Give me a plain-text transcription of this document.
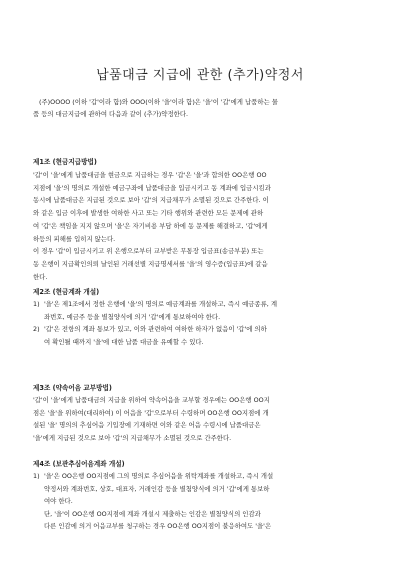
납품대금 지급에 관한 (추가)약정서

(주)OOOO (이하 '갑'이라 함)와 OOO(이하 '을'이라 함)은 '을'이 '갑'에게 납품하는 물

품 등의 대금지급에 관하여 다음과 같이 (추가)약정한다.

제1조 (현금지급방법)

'갑'이 '을'에게 납품대금을 현금으로 지급하는 경우 '갑'은 '을'과 합의한 OO은행 OO

지점에 '을'의 명의로 개설한 예금구좌에 납품대금을 입금시키고 동 계좌에 입금시킴과

동시에 납품대금은 지급된 것으로 보아 '갑'의 지급채무가 소멸된 것으로 간주한다. 이

와 같은 입금 이후에 발생한 여하한 사고 또는 기타 행위와 관련한 모든 문제에 관하

여 '갑'은 책임을 지지 않으며 '을'은 자기비용 부담 하에 동 문제를 해결하고, '갑'에게

하등의 피해를 입히지 않는다.

이 경우 '갑'이 입금시키고 위 은행으로부터 교부받은 무통장 입금표(송금부분) 또는

동 은행이 지급확인의뢰 날인된 거래선별 지급명세서를 '을'의 영수증(입금표)에 갈음

한다.

제2조 (현금계좌 개설)
1) '을'은 제1조에서 정한 은행에 '을'의 명의로 예금계좌를 개설하고, 즉시 예금종류, 계
좌번호, 예금주 등을 별첨양식에 의거 '갑'에게 통보하여야 한다.
2) '갑'은 전항의 계좌 통보가 있고, 이와 관련하여 여하한 하자가 없음이 '갑'에 의하
여 확인될 때까지 '을'에 대한 납품 대금을 유예할 수 있다.
제3조 (약속어음 교부방법)

'갑'이 '을'에게 납품대금의 지급을 위하여 약속어음을 교부할 경우에는 OO은행 OO지

점은 '을'을 위하여(대리하여) 이 어음을 '갑'으로부터 수령하며 OO은행 OO지점에 개

설된 '을' 명의의 추심어음 기입장에 기재하면 이와 같은 어음 수령시에 납품대금은

'을'에게 지급된 것으로 보아 '갑'의 지급채무가 소멸된 것으로 간주한다.

제4조 (보관추심어음계좌 개설)
1) '을'은 OO은행 OO지점에 그의 명의로 추심어음을 위탁계좌를 개설하고, 즉시 개설
약정서와 계좌번호, 상호, 대표자, 거래인감 등을 별첨양식에 의거 '갑'에게 통보하
여야 한다.
단, '을'이 OO은행 OO지점에 계좌 개설시 제출하는 인감은 별첨양식의 인감과
다른 인감에 의거 어음교부를 청구하는 경우 OO은행 OO지점이 불응하여도 '을'은
